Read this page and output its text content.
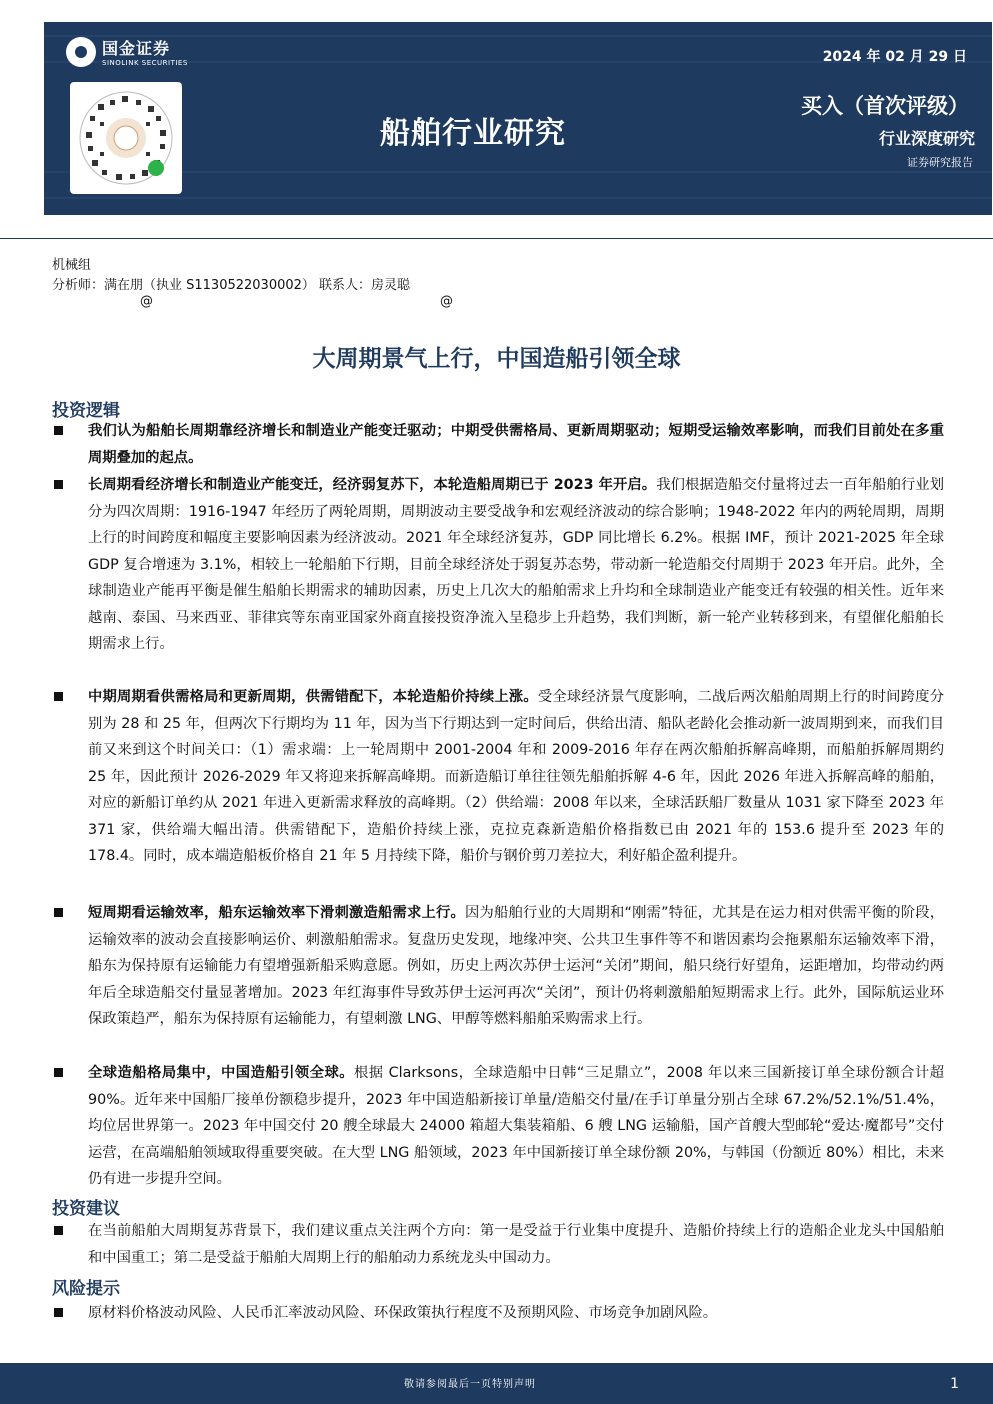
国金证券
SINOLINK SECURITIES	2024 年 02 月 29 日
船舶行业研究
买入（首次评级）
行业深度研究
证券研究报告
机械组
分析师：满在朋（执业 S1130522030002） 联系人：房灵聪
@	@
大周期景气上行，中国造船引领全球
投资逻辑
我们认为船舶长周期靠经济增长和制造业产能变迁驱动；中期受供需格局、更新周期驱动；短期受运输效率影响，而我们目前处在多重周期叠加的起点。
长周期看经济增长和制造业产能变迁，经济弱复苏下，本轮造船周期已于 2023 年开启。我们根据造船交付量将过去一百年船舶行业划分为四次周期：1916-1947 年经历了两轮周期，周期波动主要受战争和宏观经济波动的综合影响；1948-2022 年内的两轮周期，周期上行的时间跨度和幅度主要影响因素为经济波动。2021 年全球经济复苏，GDP 同比增长 6.2%。根据 IMF，预计 2021-2025 年全球 GDP 复合增速为 3.1%，相较上一轮船舶下行期，目前全球经济处于弱复苏态势，带动新一轮造船交付周期于 2023 年开启。此外，全球制造业产能再平衡是催生船舶长期需求的辅助因素，历史上几次大的船舶需求上升均和全球制造业产能变迁有较强的相关性。近年来越南、泰国、马来西亚、菲律宾等东南亚国家外商直接投资净流入呈稳步上升趋势，我们判断，新一轮产业转移到来，有望催化船舶长期需求上行。
中期周期看供需格局和更新周期，供需错配下，本轮造船价持续上涨。受全球经济景气度影响，二战后两次船舶周期上行的时间跨度分别为 28 和 25 年，但两次下行期均为 11 年，因为当下行期达到一定时间后，供给出清、船队老龄化会推动新一波周期到来，而我们目前又来到这个时间关口：（1）需求端：上一轮周期中 2001-2004 年和 2009-2016 年存在两次船舶拆解高峰期，而船舶拆解周期约 25 年，因此预计 2026-2029 年又将迎来拆解高峰期。而新造船订单往往领先船舶拆解 4-6 年，因此 2026 年进入拆解高峰的船舶，对应的新船订单约从 2021 年进入更新需求释放的高峰期。（2）供给端：2008 年以来，全球活跃船厂数量从 1031 家下降至 2023 年 371 家，供给端大幅出清。供需错配下，造船价持续上涨，克拉克森新造船价格指数已由 2021 年的 153.6 提升至 2023 年的 178.4。同时，成本端造船板价格自 21 年 5 月持续下降，船价与钢价剪刀差拉大，利好船企盈利提升。
短周期看运输效率，船东运输效率下滑刺激造船需求上行。因为船舶行业的大周期和“刚需”特征，尤其是在运力相对供需平衡的阶段，运输效率的波动会直接影响运价、刺激船舶需求。复盘历史发现，地缘冲突、公共卫生事件等不和谐因素均会拖累船东运输效率下滑，船东为保持原有运输能力有望增强新船采购意愿。例如，历史上两次苏伊士运河“关闭”期间，船只绕行好望角，运距增加，均带动约两年后全球造船交付量显著增加。2023 年红海事件导致苏伊士运河再次“关闭”，预计仍将刺激船舶短期需求上行。此外，国际航运业环保政策趋严，船东为保持原有运输能力，有望刺激 LNG、甲醇等燃料船舶采购需求上行。
全球造船格局集中，中国造船引领全球。根据 Clarksons，全球造船中日韩“三足鼎立”，2008 年以来三国新接订单全球份额合计超 90%。近年来中国船厂接单份额稳步提升，2023 年中国造船新接订单量/造船交付量/在手订单量分别占全球 67.2%/52.1%/51.4%，均位居世界第一。2023 年中国交付 20 艘全球最大 24000 箱超大集装箱船、6 艘 LNG 运输船，国产首艘大型邮轮“爱达·魔都号”交付运营，在高端船舶领域取得重要突破。在大型 LNG 船领域，2023 年中国新接订单全球份额 20%，与韩国（份额近 80%）相比，未来仍有进一步提升空间。
投资建议
在当前船舶大周期复苏背景下，我们建议重点关注两个方向：第一是受益于行业集中度提升、造船价持续上行的造船企业龙头中国船舶和中国重工；第二是受益于船舶大周期上行的船舶动力系统龙头中国动力。
风险提示
原材料价格波动风险、人民币汇率波动风险、环保政策执行程度不及预期风险、市场竞争加剧风险。
敬请参阅最后一页特别声明	1
